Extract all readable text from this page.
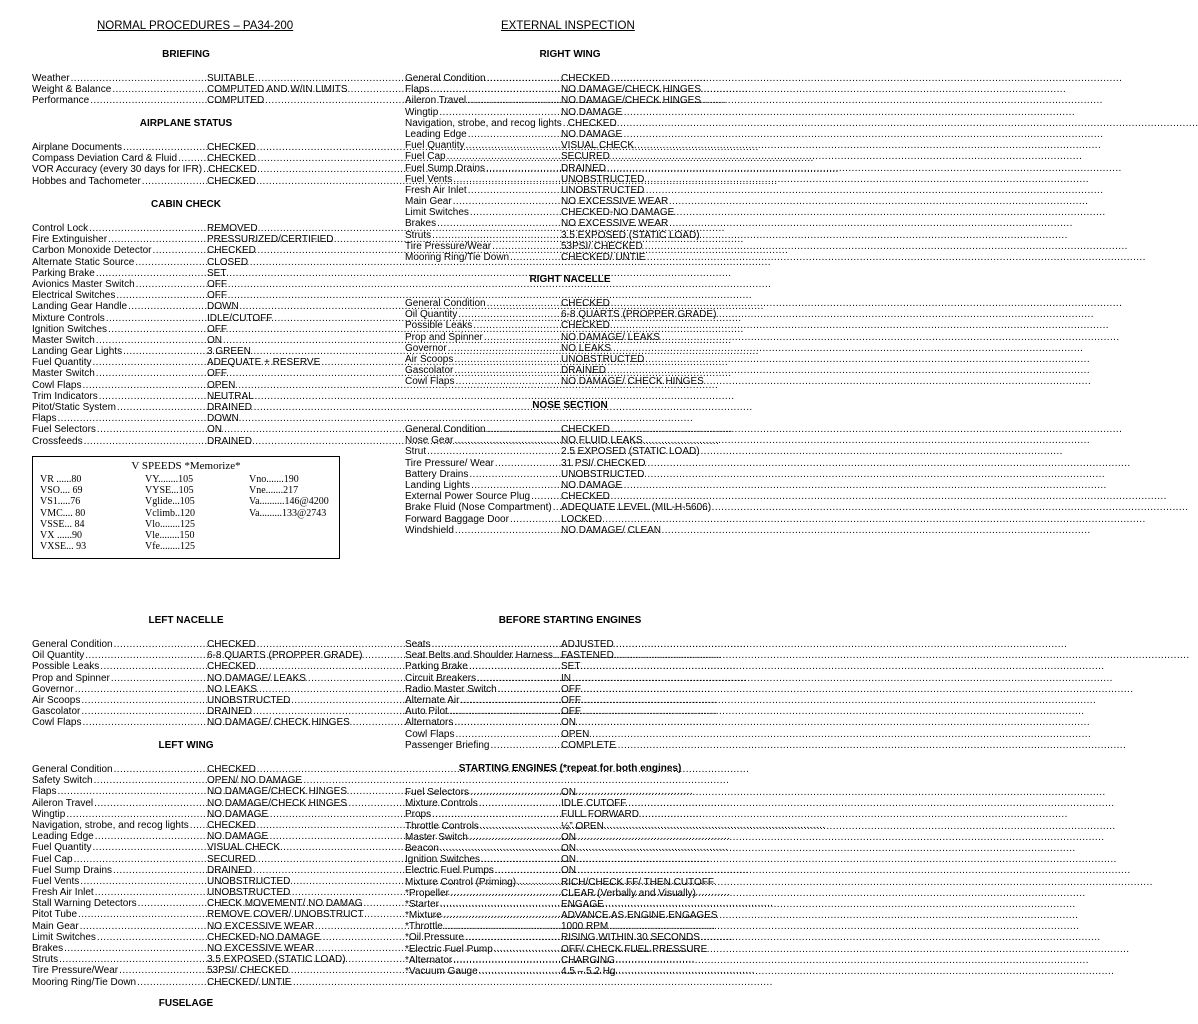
NORMAL PROCEDURES – PA34-200	EXTERNAL INSPECTION
BRIEFING
Weather .....	SUITABLE
Weight & Balance .....	COMPUTED AND W/IN LIMITS
Performance .....	COMPUTED
AIRPLANE STATUS
Airplane Documents .....	CHECKED
Compass Deviation Card & Fluid .....	CHECKED
VOR Accuracy (every 30 days for IFR) ..... CHECKED
Hobbes and Tachometer .....	CHECKED
CABIN CHECK
Control Lock .....	REMOVED
Fire Extinguisher .....	PRESSURIZED/CERTIFIED
Carbon Monoxide Detector .....	CHECKED
Alternate Static Source .....	CLOSED
Parking Brake .....	SET
Avionics Master Switch .....	OFF
Electrical Switches .....	OFF
Landing Gear Handle .....	DOWN
Mixture Controls .....	IDLE/CUTOFF
Ignition Switches .....	OFF
Master Switch .....	ON
Landing Gear Lights .....	3 GREEN
Fuel Quantity .....	ADEQUATE + RESERVE
Master Switch .....	OFF
Cowl Flaps .....	OPEN
Trim Indicators .....	NEUTRAL
Pitot/Static System .....	DRAINED
Flaps .....	DOWN
Fuel Selectors .....	ON
Crossfeeds .....	DRAINED
V SPEEDS *Memorize*
VR ......80
VSO.... 69
VS1.....76
VMC.... 80
VSSE... 84
VX ......90
VXSE... 93
VY........105
VYSE...105
Vglide...105
Vclimb..120
Vlo........125
Vle........150
Vfe........125
Vno.......190
Vne.......217
Va..........146@4200
Va.........133@2743
LEFT NACELLE
General Condition .....	CHECKED
Oil Quantity .....	6-8 QUARTS (PROPPER GRADE)
Possible Leaks .....	CHECKED
Prop and Spinner .....	NO DAMAGE/ LEAKS
Governor .....	NO LEAKS
Air Scoops .....	UNOBSTRUCTED
Gascolator .....	DRAINED
Cowl Flaps .....	NO DAMAGE/ CHECK HINGES
LEFT WING
General Condition .....	CHECKED
Safety Switch .....	OPEN/ NO DAMAGE
Flaps .....	NO DAMAGE/CHECK HINGES
Aileron Travel .....	NO DAMAGE/CHECK HINGES
Wingtip .....	NO DAMAGE
Navigation, strobe, and recog lights ..... CHECKED
Leading Edge .....	NO DAMAGE
Fuel Quantity .....	VISUAL CHECK
Fuel Cap .....	SECURED
Fuel Sump Drains .....	DRAINED
Fuel Vents .....	UNOBSTRUCTED
Fresh Air Inlet .....	UNOBSTRUCTED
Stall Warning Detectors .....	CHECK MOVEMENT/ NO DAMAG
Pitot Tube .....	REMOVE COVER/ UNOBSTRUCT
Main Gear .....	NO EXCESSIVE WEAR
Limit Switches .....	CHECKED-NO DAMAGE
Brakes .....	NO EXCESSIVE WEAR
Struts .....	3.5 EXPOSED (STATIC LOAD)
Tire Pressure/Wear .....	53PSI/ CHECKED
Mooring Ring/Tie Down .....	CHECKED/ UNTIE
FUSELAGE
RIGHT WING
General Condition .....	CHECKED
Flaps .....	NO DAMAGE/CHECK HINGES
Aileron Travel .....	NO DAMAGE/CHECK HINGES
Wingtip .....	NO DAMAGE
Navigation, strobe, and recog lights ..... CHECKED
Leading Edge .....	NO DAMAGE
Fuel Quantity .....	VISUAL CHECK
Fuel Cap .....	SECURED
Fuel Sump Drains .....	DRAINED
Fuel Vents .....	UNOBSTRUCTED
Fresh Air Inlet .....	UNOBSTRUCTED
Main Gear .....	NO EXCESSIVE WEAR
Limit Switches .....	CHECKED-NO DAMAGE
Brakes .....	NO EXCESSIVE WEAR
Struts .....	3.5 EXPOSED (STATIC LOAD)
Tire Pressure/Wear .....	53PSI/ CHECKED
Mooring Ring/Tie Down .....	CHECKED/ UNTIE
RIGHT NACELLE
General Condition .....	CHECKED
Oil Quantity .....	6-8 QUARTS (PROPPER GRADE)
Possible Leaks .....	CHECKED
Prop and Spinner .....	NO DAMAGE/ LEAKS
Governor .....	NO LEAKS
Air Scoops .....	UNOBSTRUCTED
Gascolator .....	DRAINED
Cowl Flaps .....	NO DAMAGE/ CHECK HINGES
NOSE SECTION
General Condition .....	CHECKED
Nose Gear .....	NO FLUID LEAKS
Strut .....	2.5 EXPOSED (STATIC LOAD)
Tire Pressure/ Wear .....	31 PSI/ CHECKED
Battery Drains .....	UNOBSTRUCTED
Landing Lights .....	NO DAMAGE
External Power Source Plug .....	CHECKED
Brake Fluid (Nose Compartment) ..... ADEQUATE LEVEL (MIL-H-5606)
Forward Baggage Door .....	LOCKED
Windshield .....	NO DAMAGE/ CLEAN
BEFORE STARTING ENGINES
Seats .....	ADJUSTED
Seat Belts and Shoulder Harness ..... FASTENED
Parking Brake .....	SET
Circuit Breakers .....	IN
Radio Master Switch .....	OFF
Alternate Air .....	OFF
Auto Pilot .....	OFF
Alternators .....	ON
Cowl Flaps .....	OPEN
Passenger Briefing .....	COMPLETE
STARTING ENGINES (*repeat for both engines)
Fuel Selectors .....	ON
Mixture Controls .....	IDLE CUTOFF
Props .....	FULL FORWARD
Throttle Controls .....	½” OPEN
Master Switch .....	ON
Beacon .....	ON
Ignition Switches .....	ON
Electric Fuel Pumps .....	ON
Mixture Control (Priming) .....	RICH/CHECK FF/ THEN CUTOFF
*Propeller .....	CLEAR (Verbally and Visually)
*Starter .....	ENGAGE
*Mixture .....	ADVANCE AS ENGINE ENGAGES
*Throttle .....	1000 RPM
*Oil Pressure .....	RISING WITHIN 30 SECONDS
*Electric Fuel Pump .....	OFF/ CHECK FUEL PRESSURE
*Alternator .....	CHARGING
*Vacuum Gauge .....	4.5 – 5.2 Hg
